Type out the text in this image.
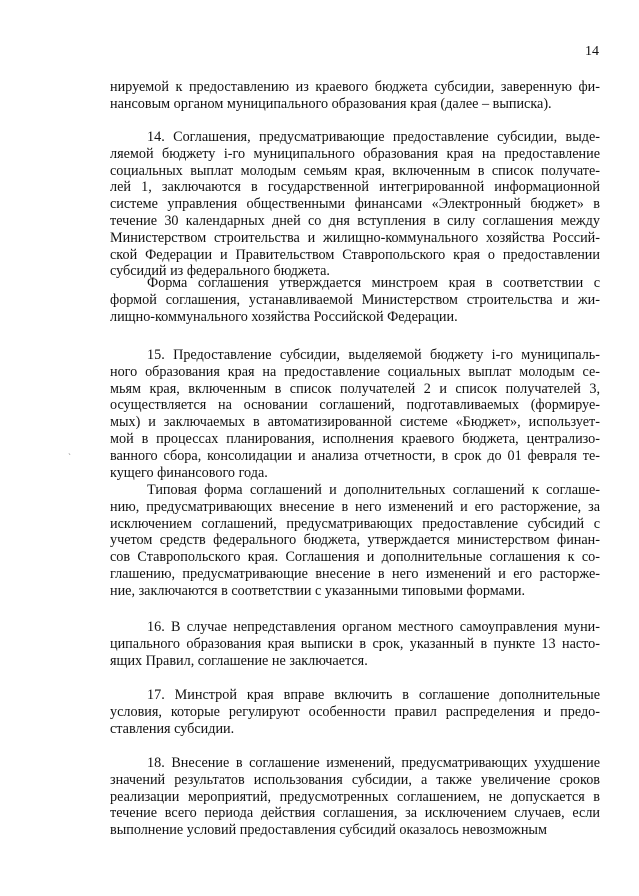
14
нируемой к предоставлению из краевого бюджета субсидии, заверенную фи-
нансовым органом муниципального образования края (далее – выписка).
14. Соглашения, предусматривающие предоставление субсидии, выде-
ляемой бюджету i-го муниципального образования края на предоставление
социальных выплат молодым семьям края, включенным в список получате-
лей 1, заключаются в государственной интегрированной информационной
системе управления общественными финансами «Электронный бюджет» в
течение 30 календарных дней со дня вступления в силу соглашения между
Министерством строительства и жилищно-коммунального хозяйства Россий-
ской Федерации и Правительством Ставропольского края о предоставлении
субсидий из федерального бюджета.
Форма соглашения утверждается минстроем края в соответствии с
формой соглашения, устанавливаемой Министерством строительства и жи-
лищно-коммунального хозяйства Российской Федерации.
15. Предоставление субсидии, выделяемой бюджету i-го муниципаль-
ного образования края на предоставление социальных выплат молодым се-
мьям края, включенным в список получателей 2 и список получателей 3,
осуществляется на основании соглашений, подготавливаемых (формируе-
мых) и заключаемых в автоматизированной системе «Бюджет», использует-
мой в процессах планирования, исполнения краевого бюджета, централизо-
ванного сбора, консолидации и анализа отчетности, в срок до 01 февраля те-
кущего финансового года.
Типовая форма соглашений и дополнительных соглашений к соглаше-
нию, предусматривающих внесение в него изменений и его расторжение, за
исключением соглашений, предусматривающих предоставление субсидий с
учетом средств федерального бюджета, утверждается министерством финан-
сов Ставропольского края. Соглашения и дополнительные соглашения к со-
глашению, предусматривающие внесение в него изменений и его расторже-
ние, заключаются в соответствии с указанными типовыми формами.
16. В случае непредставления органом местного самоуправления муни-
ципального образования края выписки в срок, указанный в пункте 13 насто-
ящих Правил, соглашение не заключается.
17. Минстрой края вправе включить в соглашение дополнительные
условия, которые регулируют особенности правил распределения и предо-
ставления субсидии.
18. Внесение в соглашение изменений, предусматривающих ухудшение
значений результатов использования субсидии, а также увеличение сроков
реализации мероприятий, предусмотренных соглашением, не допускается в
течение всего периода действия соглашения, за исключением случаев, если
выполнение условий предоставления субсидий оказалось невозможным
`
